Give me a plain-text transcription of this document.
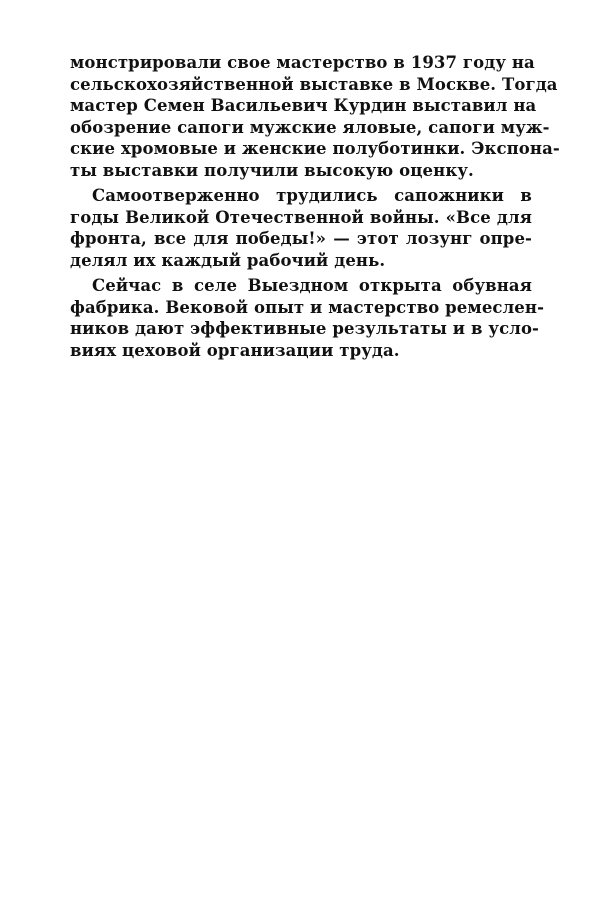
монстрировали свое мастерство в 1937 году на
сельскохозяйственной выставке в Москве. Тогда
мастер Семен Васильевич Курдин выставил на
обозрение сапоги мужские яловые, сапоги муж-
ские хромовые и женские полуботинки. Экспона-
ты выставки получили высокую оценку.
Самоотверженно трудились сапожники в
годы Великой Отечественной войны. «Все для
фронта, все для победы!» — этот лозунг опре-
делял их каждый рабочий день.
Сейчас в селе Выездном открыта обувная
фабрика. Вековой опыт и мастерство ремеслен-
ников дают эффективные результаты и в усло-
виях цеховой организации труда.
